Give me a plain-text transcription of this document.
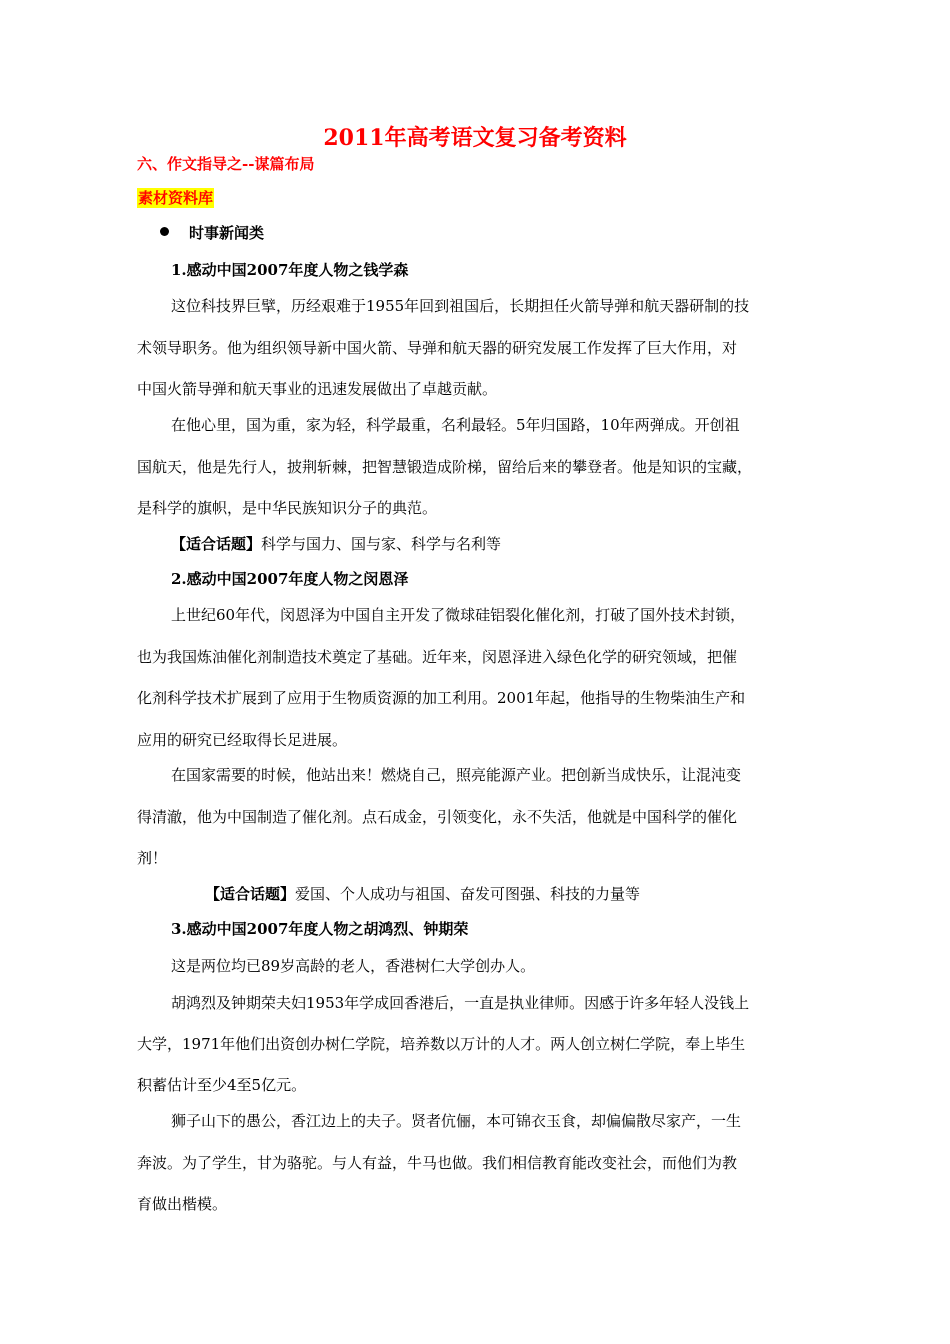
2011年高考语文复习备考资料
六、作文指导之--谋篇布局
素材资料库
时事新闻类
1.感动中国2007年度人物之钱学森
这位科技界巨擘，历经艰难于1955年回到祖国后，长期担任火箭导弹和航天器研制的技
术领导职务。他为组织领导新中国火箭、导弹和航天器的研究发展工作发挥了巨大作用，对
中国火箭导弹和航天事业的迅速发展做出了卓越贡献。
在他心里，国为重，家为轻，科学最重，名利最轻。5年归国路，10年两弹成。开创祖
国航天，他是先行人，披荆斩棘，把智慧锻造成阶梯，留给后来的攀登者。他是知识的宝藏，
是科学的旗帜，是中华民族知识分子的典范。
【适合话题】科学与国力、国与家、科学与名利等
2.感动中国2007年度人物之闵恩泽
上世纪60年代，闵恩泽为中国自主开发了微球硅铝裂化催化剂，打破了国外技术封锁，
也为我国炼油催化剂制造技术奠定了基础。近年来，闵恩泽进入绿色化学的研究领域，把催
化剂科学技术扩展到了应用于生物质资源的加工利用。2001年起，他指导的生物柴油生产和
应用的研究已经取得长足进展。
在国家需要的时候，他站出来！燃烧自己，照亮能源产业。把创新当成快乐，让混沌变
得清澈，他为中国制造了催化剂。点石成金，引领变化，永不失活，他就是中国科学的催化
剂！
【适合话题】爱国、个人成功与祖国、奋发可图强、科技的力量等
3.感动中国2007年度人物之胡鸿烈、钟期荣
这是两位均已89岁高龄的老人，香港树仁大学创办人。
胡鸿烈及钟期荣夫妇1953年学成回香港后，一直是执业律师。因感于许多年轻人没钱上
大学，1971年他们出资创办树仁学院，培养数以万计的人才。两人创立树仁学院，奉上毕生
积蓄估计至少4至5亿元。
狮子山下的愚公，香江边上的夫子。贤者伉俪，本可锦衣玉食，却偏偏散尽家产，一生
奔波。为了学生，甘为骆驼。与人有益，牛马也做。我们相信教育能改变社会，而他们为教
育做出楷模。
